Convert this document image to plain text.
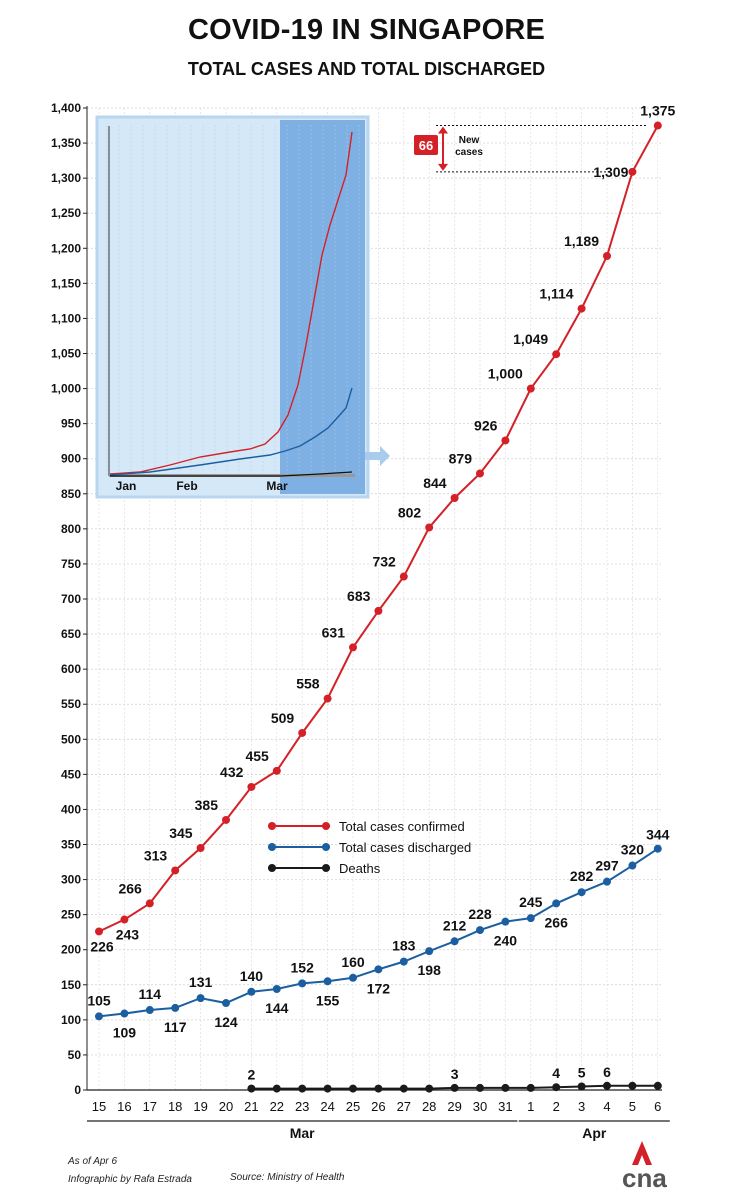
COVID-19 IN SINGAPORE
TOTAL CASES AND TOTAL DISCHARGED
Jan	Feb	Mar
0
50
100
150
200
250
300
350
400
450
500
550
600
650
700
750
800
850
900
950
1,000
1,050
1,100
1,150
1,200
1,250
1,300
1,350
1,400
15 16 17 18 19 20 21 22 23 24 25 26 27 28 29 30 31 1 2 3 4 5 6
Mar	Apr
226
243
266
313
345
385
432
455
509
558
631
683
732
802
844
879
926
1,000
1,049
1,114
1,189
1,309
1,375
105
109
114
117
131
124
140
144
152
155
160
172
183
198
212
228
240
245
266
282
297
320
344
2	3	4 5 6
Total cases confirmed
Total cases discharged
Deaths
66	New
cases
As of Apr 6
Infographic by Rafa Estrada	Source: Ministry of Health	cna
